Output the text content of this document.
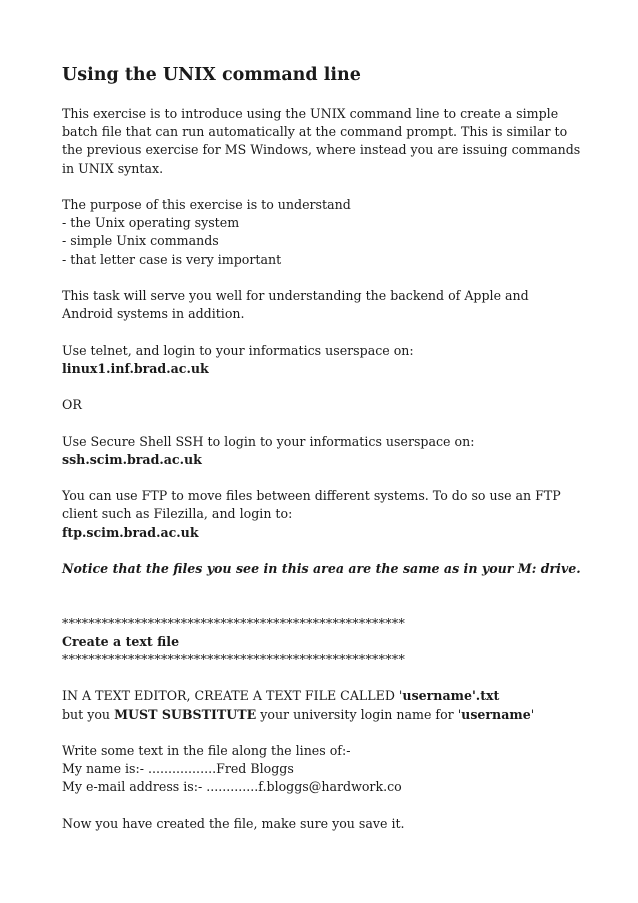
Using the UNIX command line

This exercise is to introduce using the UNIX command line to create a simple batch file that can run automatically at the command prompt. This is similar to the previous exercise for MS Windows, where instead you are issuing commands in UNIX syntax.

The purpose of this exercise is to understand

- the Unix operating system

- simple Unix commands

- that letter case is very important

This task will serve you well for understanding the backend of Apple and Android systems in addition.

Use telnet, and login to your informatics userspace on:

linux1.inf.brad.ac.uk

OR

Use Secure Shell SSH to login to your informatics userspace on:

ssh.scim.brad.ac.uk

You can use FTP to move files between different systems. To do so use an FTP client such as Filezilla, and login to:

ftp.scim.brad.ac.uk

Notice that the files you see in this area are the same as in your M: drive.

****************************************************
Create a text file
****************************************************

IN A TEXT EDITOR, CREATE A TEXT FILE CALLED 'username'.txt

but you MUST SUBSTITUTE your university login name for 'username'

Write some text in the file along the lines of:-

My name is:- .................Fred Bloggs

My e-mail address is:- .............f.bloggs@hardwork.co

Now you have created the file, make sure you save it.
